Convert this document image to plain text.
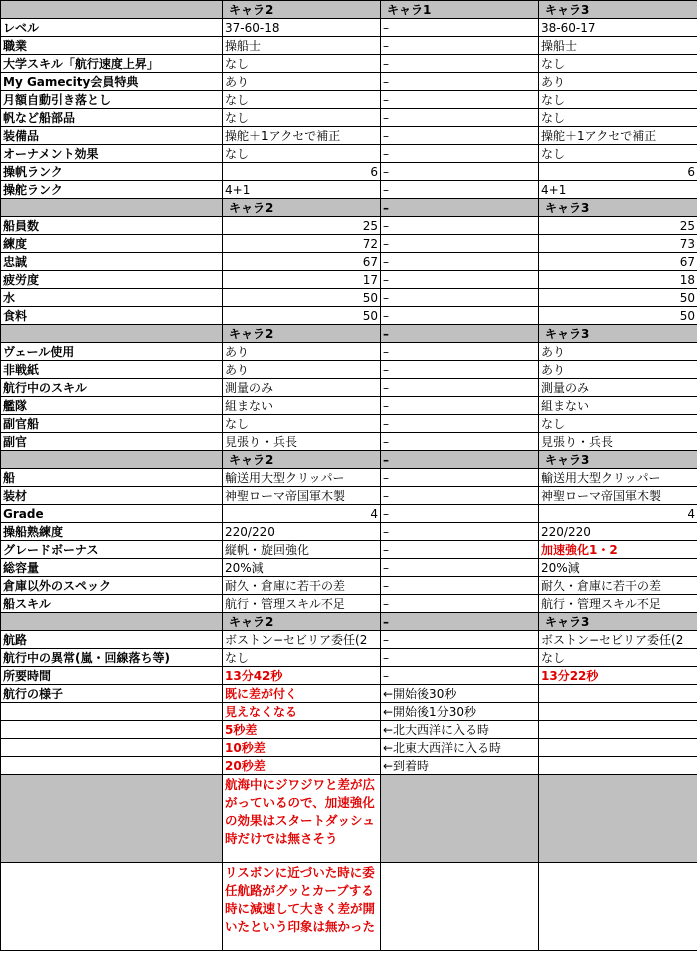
	キャラ2	キャラ1	キャラ3
レベル	37-60-18	–	38-60-17
職業	操船士	–	操船士
大学スキル「航行速度上昇」	なし	–	なし
My Gamecity会員特典	あり	–	あり
月額自動引き落とし	なし	–	なし
帆など船部品	なし	–	なし
装備品	操舵＋1アクセで補正	–	操舵＋1アクセで補正
オーナメント効果	なし	–	なし
操帆ランク	6	–	6
操舵ランク	4+1	–	4+1
	キャラ2	–	キャラ3
船員数	25	–	25
練度	72	–	73
忠誠	67	–	67
疲労度	17	–	18
水	50	–	50
食料	50	–	50
	キャラ2	–	キャラ3
ヴェール使用	あり	–	あり
非戦紙	あり	–	あり
航行中のスキル	測量のみ	–	測量のみ
艦隊	組まない	–	組まない
副官船	なし	–	なし
副官	見張り・兵長	–	見張り・兵長
	キャラ2	–	キャラ3
船	輸送用大型クリッパー	–	輸送用大型クリッパー
装材	神聖ローマ帝国軍木製	–	神聖ローマ帝国軍木製
Grade	4	–	4
操船熟練度	220/220	–	220/220
グレードボーナス	縦帆・旋回強化	–	加速強化1・2
総容量	20%減	–	20%減
倉庫以外のスペック	耐久・倉庫に若干の差	–	耐久・倉庫に若干の差
船スキル	航行・管理スキル不足	–	航行・管理スキル不足
	キャラ2	–	キャラ3
航路	ボストン−セビリア委任(2	–	ボストン−セビリア委任(2
航行中の異常(嵐・回線落ち等)	なし	–	なし
所要時間	13分42秒	–	13分22秒
航行の様子	既に差が付く	←開始後30秒	
	見えなくなる	←開始後1分30秒	
	5秒差	←北大西洋に入る時	
	10秒差	←北東大西洋に入る時	
	20秒差	←到着時	
	航海中にジワジワと差が広がっているので、加速強化の効果はスタートダッシュ時だけでは無さそう		
	リスボンに近づいた時に委任航路がグッとカーブする時に減速して大きく差が開いたという印象は無かった		
